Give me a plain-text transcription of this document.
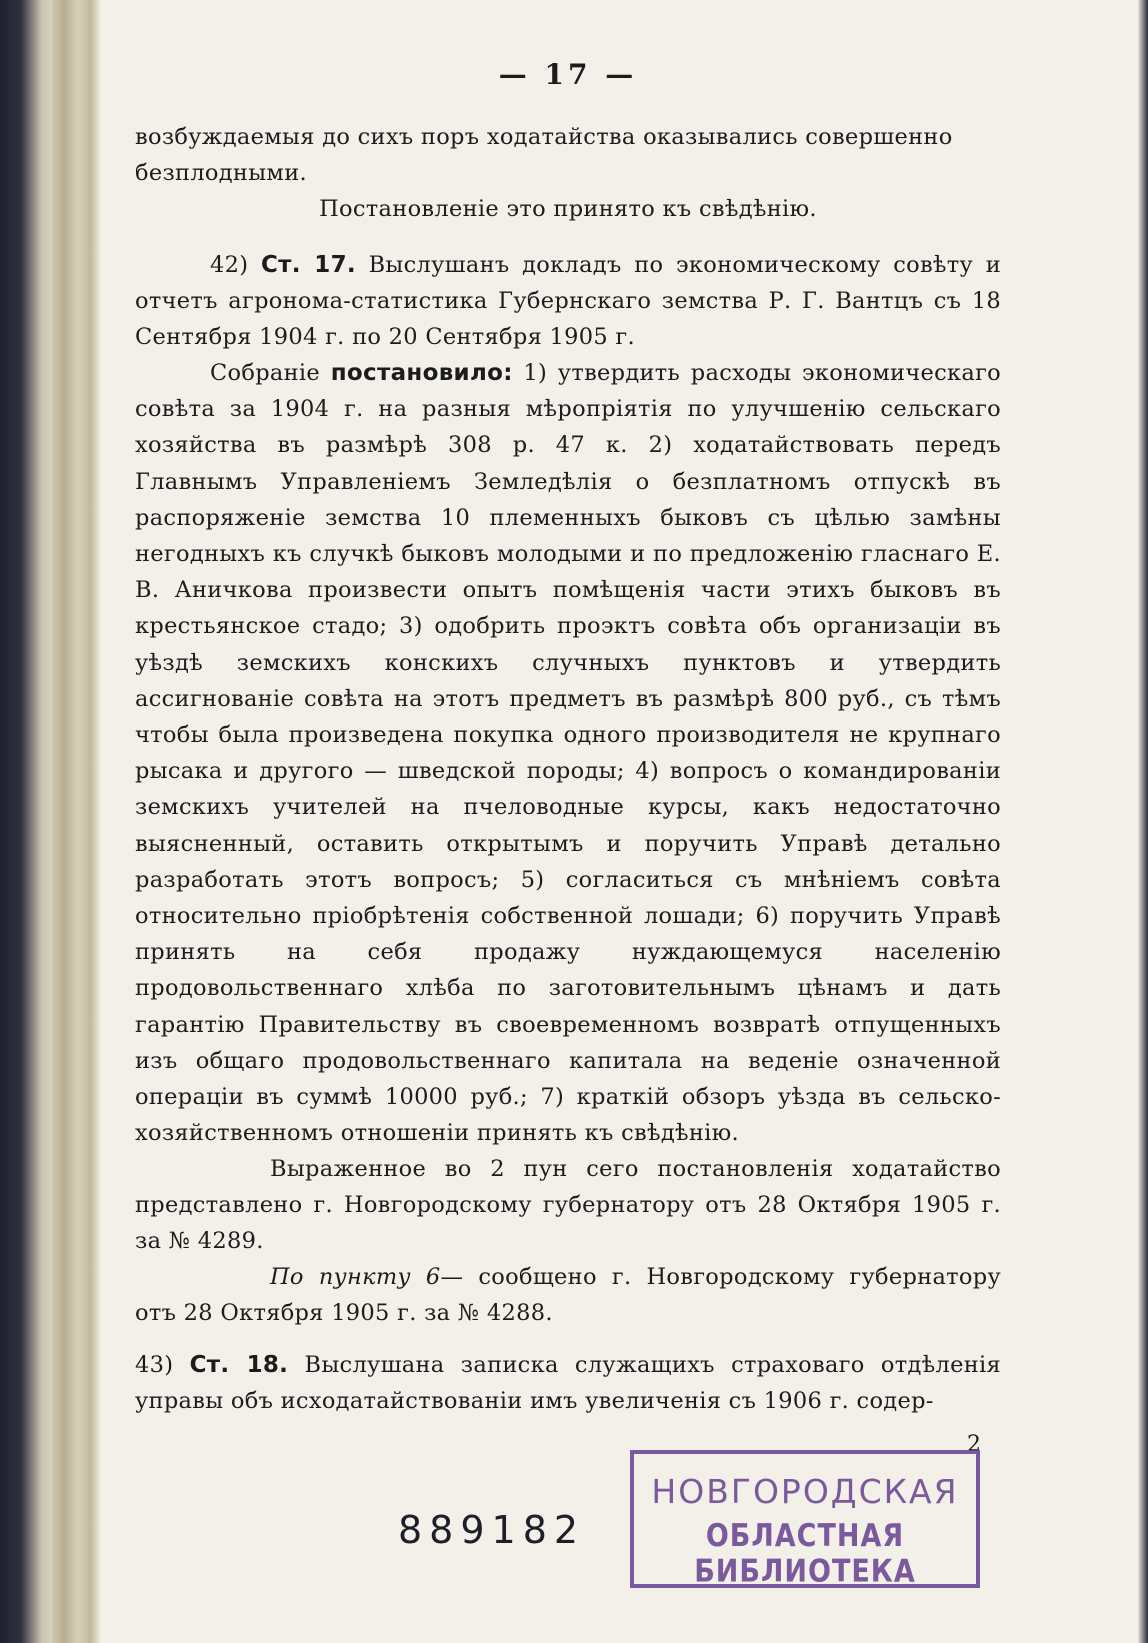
— 17 —
возбуждаемыя до сихъ поръ ходатайства оказывались совершенно
безплодными.
Постановленіе это принято къ свѣдѣнію.
42) Ст. 17. Выслушанъ докладъ по экономическому совѣту и отчетъ агронома-статистика Губернскаго земства Р. Г. Вантцъ съ 18 Сентября 1904 г. по 20 Сентября 1905 г.
Собраніе постановило: 1) утвердить расходы экономическаго совѣта за 1904 г. на разныя мѣропріятія по улучшенію сельскаго хозяйства въ размѣрѣ 308 р. 47 к. 2) ходатайствовать передъ Главнымъ Управленіемъ Земледѣлія о безплатномъ отпускѣ въ распоряженіе земства 10 племенныхъ быковъ съ цѣлью замѣны негодныхъ къ случкѣ быковъ молодыми и по предложенію гласнаго Е. В. Аничкова произвести опытъ помѣщенія части этихъ быковъ въ крестьянское стадо; 3) одобрить проэктъ совѣта объ организаціи въ уѣздѣ земскихъ конскихъ случныхъ пунктовъ и утвердить ассигнованіе совѣта на этотъ предметъ въ размѣрѣ 800 руб., съ тѣмъ чтобы была произведена покупка одного производителя не крупнаго рысака и другого — шведской породы; 4) вопросъ о командированіи земскихъ учителей на пчеловодные курсы, какъ недостаточно выясненный, оставить открытымъ и поручить Управѣ детально разработать этотъ вопросъ; 5) согласиться съ мнѣніемъ совѣта относительно пріобрѣтенія собственной лошади; 6) поручить Управѣ принять на себя продажу нуждающемуся населенію продовольственнаго хлѣба по заготовительнымъ цѣнамъ и дать гарантію Правительству въ своевременномъ возвратѣ отпущенныхъ изъ общаго продовольственнаго капитала на веденіе означенной операціи въ суммѣ 10000 руб.; 7) краткій обзоръ уѣзда въ сельско-хозяйственномъ отношеніи принять къ свѣдѣнію.
Выраженное во 2 пун сего постановленія ходатайство представлено г. Новгородскому губернатору отъ 28 Октября 1905 г. за № 4289.
По пункту 6— сообщено г. Новгородскому губернатору отъ 28 Октября 1905 г. за № 4288.
43) Ст. 18. Выслушана записка служащихъ страховаго отдѣленія управы объ исходатайствованіи имъ увеличенія съ 1906 г. содер-
2
889182
НОВГОРОДСКАЯ
ОБЛАСТНАЯ БИБЛИОТЕКА
